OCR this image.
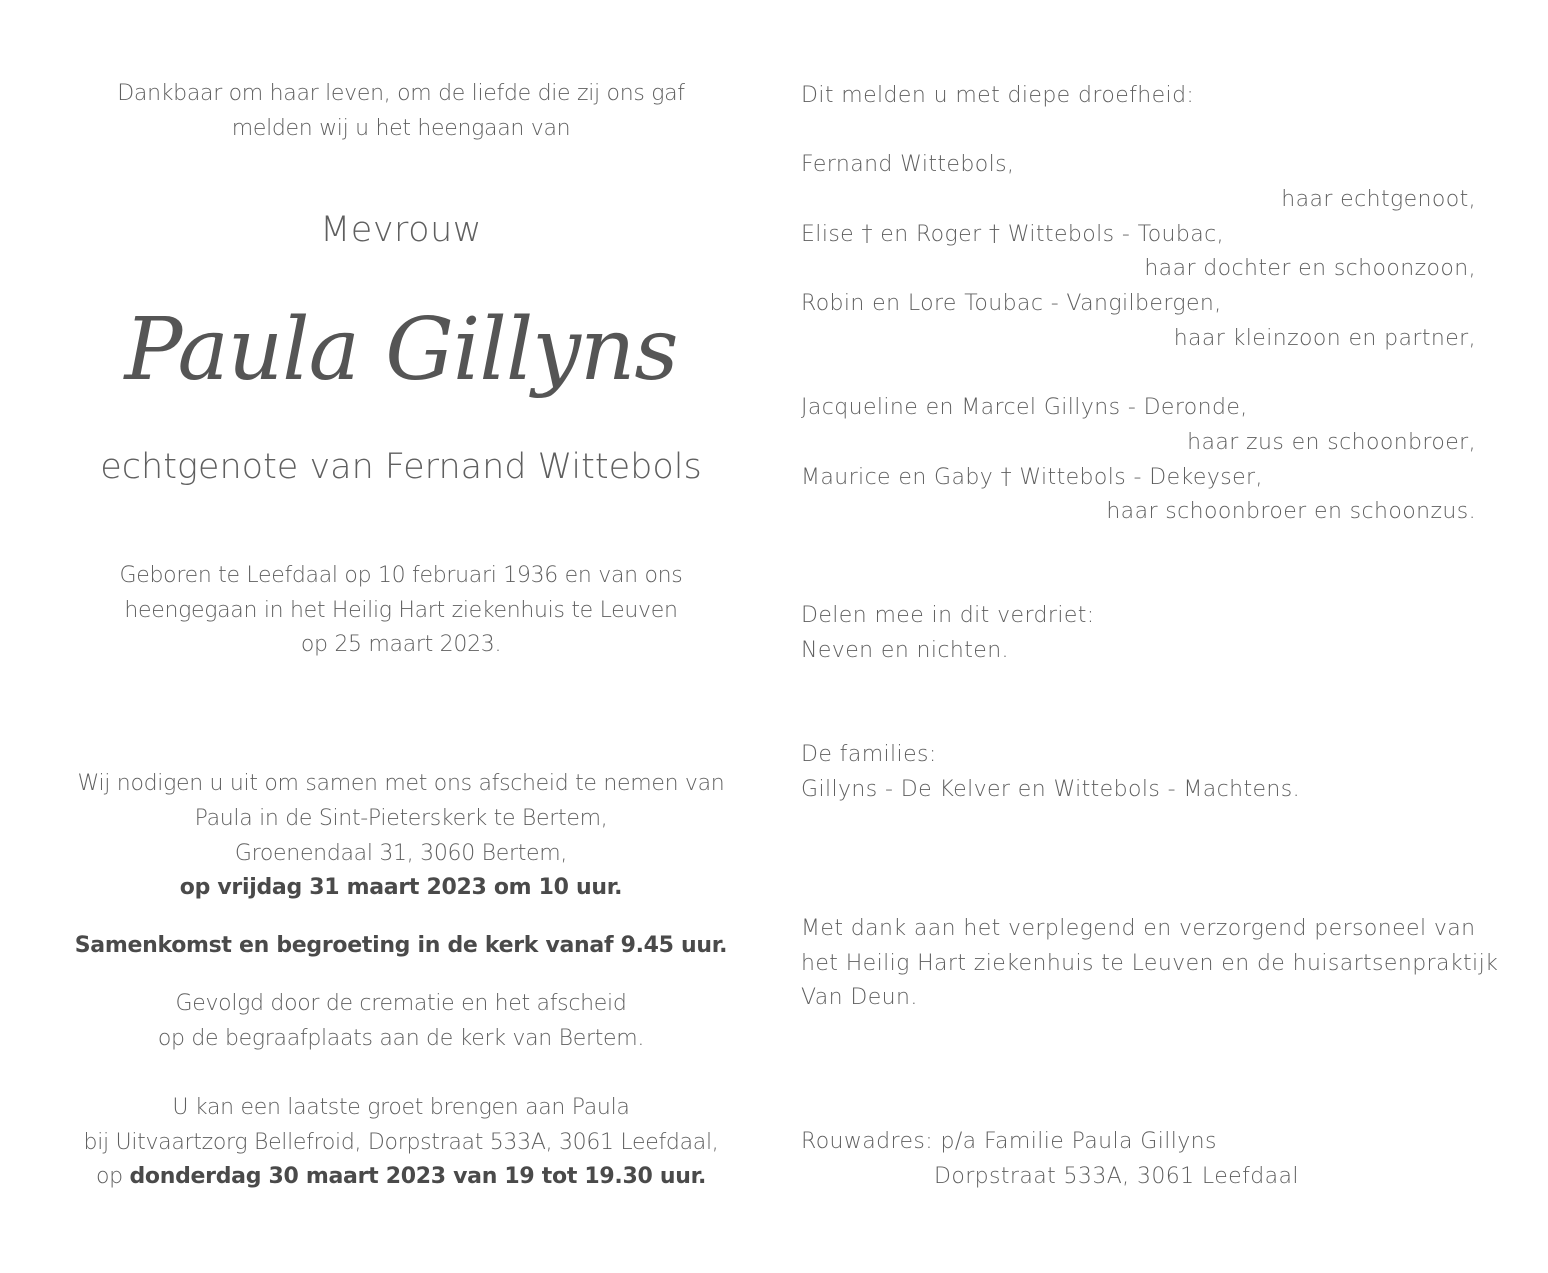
Dankbaar om haar leven, om de liefde die zij ons gaf
melden wij u het heengaan van
Mevrouw
Paula Gillyns
echtgenote van Fernand Wittebols
Geboren te Leefdaal op 10 februari 1936 en van ons
heengegaan in het Heilig Hart ziekenhuis te Leuven
op 25 maart 2023.
Wij nodigen u uit om samen met ons afscheid te nemen van
Paula in de Sint-Pieterskerk te Bertem,
Groenendaal 31, 3060 Bertem,
op vrijdag 31 maart 2023 om 10 uur.
Samenkomst en begroeting in de kerk vanaf 9.45 uur.
Gevolgd door de crematie en het afscheid
op de begraafplaats aan de kerk van Bertem.
U kan een laatste groet brengen aan Paula
bij Uitvaartzorg Bellefroid, Dorpstraat 533A, 3061 Leefdaal,
op donderdag 30 maart 2023 van 19 tot 19.30 uur.
Dit melden u met diepe droefheid:
Fernand Wittebols,
haar echtgenoot,
Elise † en Roger † Wittebols - Toubac,
haar dochter en schoonzoon,
Robin en Lore Toubac - Vangilbergen,
haar kleinzoon en partner,
Jacqueline en Marcel Gillyns - Deronde,
haar zus en schoonbroer,
Maurice en Gaby † Wittebols - Dekeyser,
haar schoonbroer en schoonzus.
Delen mee in dit verdriet:
Neven en nichten.
De families:
Gillyns - De Kelver en Wittebols - Machtens.
Met dank aan het verplegend en verzorgend personeel van
het Heilig Hart ziekenhuis te Leuven en de huisartsenpraktijk
Van Deun.
Rouwadres: p/a Familie Paula Gillyns
Dorpstraat 533A, 3061 Leefdaal
